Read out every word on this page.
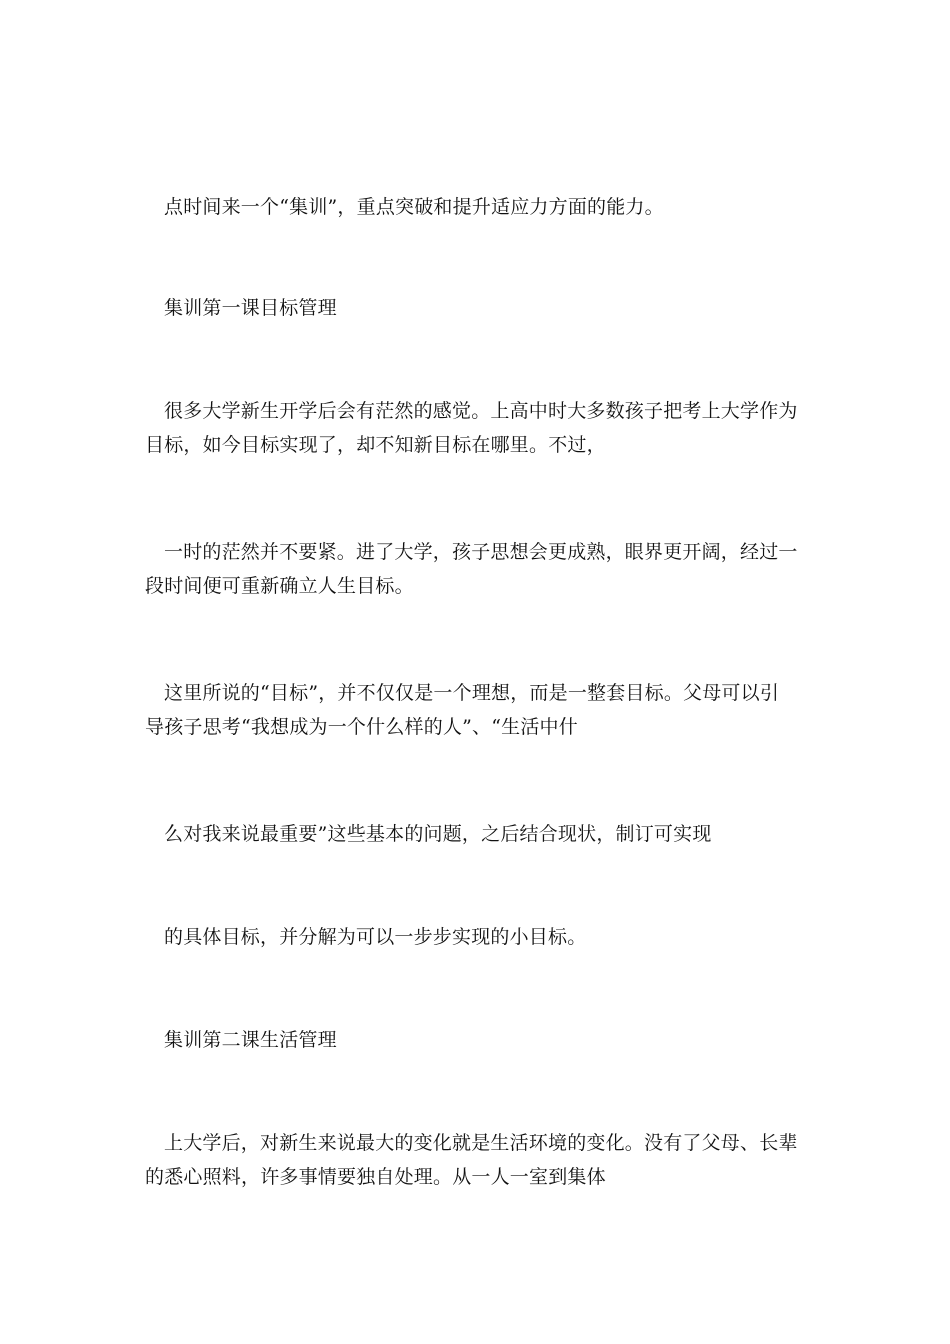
点时间来一个“集训”，重点突破和提升适应力方面的能力。

集训第一课目标管理

很多大学新生开学后会有茫然的感觉。上高中时大多数孩子把考上大学作为
目标，如今目标实现了，却不知新目标在哪里。不过，

一时的茫然并不要紧。进了大学，孩子思想会更成熟，眼界更开阔，经过一
段时间便可重新确立人生目标。

这里所说的“目标”，并不仅仅是一个理想，而是一整套目标。父母可以引
导孩子思考“我想成为一个什么样的人”、“生活中什

么对我来说最重要”这些基本的问题，之后结合现状，制订可实现

的具体目标，并分解为可以一步步实现的小目标。

集训第二课生活管理

上大学后，对新生来说最大的变化就是生活环境的变化。没有了父母、长辈
的悉心照料，许多事情要独自处理。从一人一室到集体
